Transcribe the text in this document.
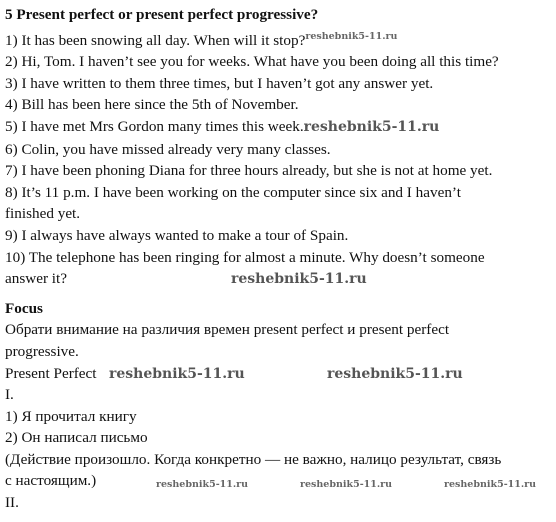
5 Present perfect or present perfect progressive?
1) It has been snowing all day. When will it stop?$^{reshebnik5-11.ru}$
2) Hi, Tom. I haven’t see you for weeks. What have you been doing all this time?
3) I have written to them three times, but I haven’t got any answer yet.
4) Bill has been here since the 5th of November.
5) I have met Mrs Gordon many times this week.reshebnik5-11.ru
6) Colin, you have missed already very many classes.
7) I have been phoning Diana for three hours already, but she is not at home yet.
8) It’s 11 p.m. I have been working on the computer since six and I haven’t
finished yet.
9) I always have always wanted to make a tour of Spain.
10) The telephone has been ringing for almost a minute. Why doesn’t someone
answer it?	reshebnik5-11.ru
Focus
Обрати внимание на различия времен present perfect и present perfect
progressive.
Present Perfect reshebnik5-11.ru	reshebnik5-11.ru
I.
1) Я прочитал книгу
2) Он написал письмо
(Действие произошло. Когда конкретно — не важно, налицо результат, связь
с настоящим.)	reshebnik5-11.ru	reshebnik5-11.ru	reshebnik5-11.ru
II.
